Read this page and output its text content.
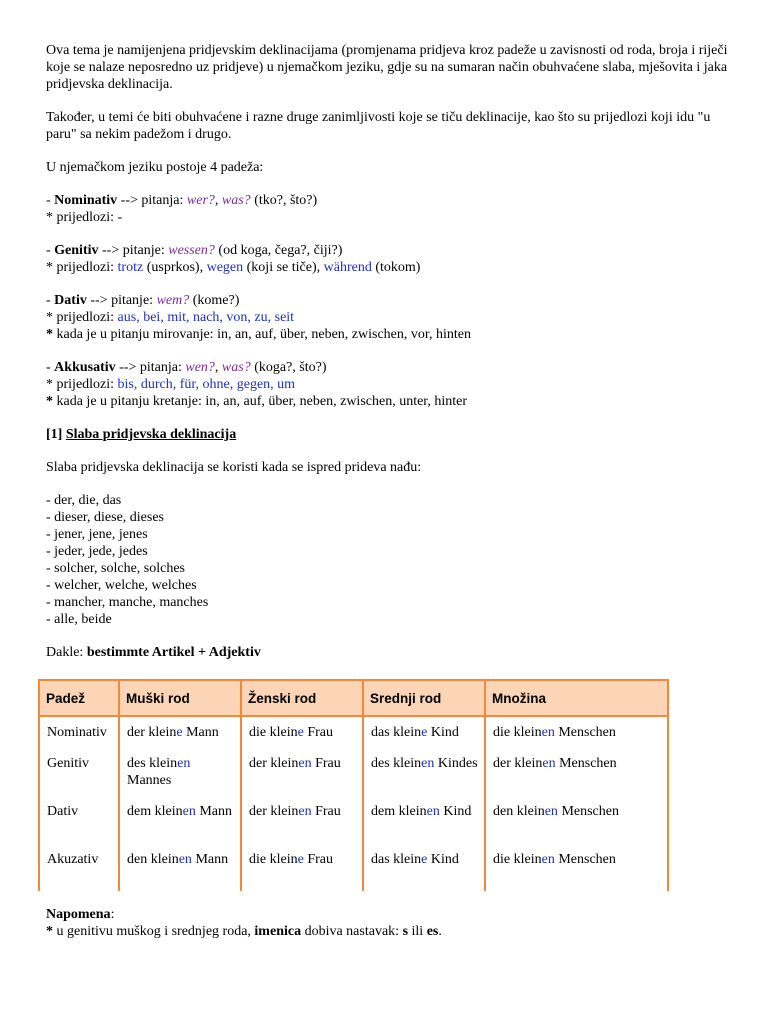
Ova tema je namijenjena pridjevskim deklinacijama (promjenama pridjeva kroz padeže u zavisnosti od roda, broja i riječi koje se nalaze neposredno uz pridjeve) u njemačkom jeziku, gdje su na sumaran način obuhvaćene slaba, mješovita i jaka pridjevska deklinacija.

Također, u temi će biti obuhvaćene i razne druge zanimljivosti koje se tiču deklinacije, kao što su prijedlozi koji idu "u paru" sa nekim padežom i drugo.

U njemačkom jeziku postoje 4 padeža:

- Nominativ --> pitanja: wer?, was? (tko?, što?)

* prijedlozi: -

- Genitiv --> pitanje: wessen? (od koga, čega?, čiji?)

* prijedlozi: trotz (usprkos), wegen (koji se tiče), während (tokom)

- Dativ --> pitanje: wem? (kome?)

* prijedlozi: aus, bei, mit, nach, von, zu, seit

* kada je u pitanju mirovanje: in, an, auf, über, neben, zwischen, vor, hinten

- Akkusativ --> pitanja: wen?, was? (koga?, što?)

* prijedlozi: bis, durch, für, ohne, gegen, um

* kada je u pitanju kretanje: in, an, auf, über, neben, zwischen, unter, hinter

[1] Slaba pridjevska deklinacija

Slaba pridjevska deklinacija se koristi kada se ispred prideva nađu:

- der, die, das

- dieser, diese, dieses

- jener, jene, jenes

- jeder, jede, jedes

- solcher, solche, solches

- welcher, welche, welches

- mancher, manche, manches

- alle, beide

Dakle: bestimmte Artikel + Adjektiv

Padež	Muški rod	Ženski rod	Srednji rod	Množina
Nominativ	der kleine Mann	die kleine Frau	das kleine Kind	die kleinen Menschen
Genitiv	des kleinen Mannes	der kleinen Frau	des kleinen Kindes	der kleinen Menschen
Dativ	dem kleinen Mann	der kleinen Frau	dem kleinen Kind	den kleinen Menschen
Akuzativ	den kleinen Mann	die kleine Frau	das kleine Kind	die kleinen Menschen

Napomena:

* u genitivu muškog i srednjeg roda, imenica dobiva nastavak: s ili es.
